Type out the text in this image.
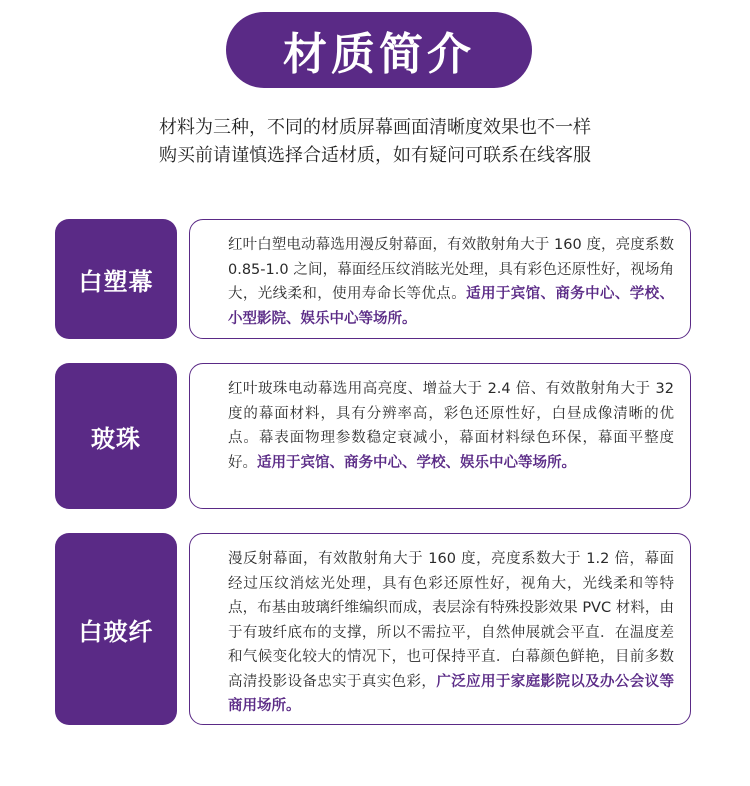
材质简介
材料为三种，不同的材质屏幕画面清晰度效果也不一样
购买前请谨慎选择合适材质，如有疑问可联系在线客服
白塑幕
红叶白塑电动幕选用漫反射幕面，有效散射角大于 160 度，亮度系数 0.85-1.0 之间，幕面经压纹消眩光处理，具有彩色还原性好，视场角大，光线柔和，使用寿命长等优点。适用于宾馆、商务中心、学校、小型影院、娱乐中心等场所。
玻珠
红叶玻珠电动幕选用高亮度、增益大于 2.4 倍、有效散射角大于 32 度的幕面材料，具有分辨率高，彩色还原性好，白昼成像清晰的优点。幕表面物理参数稳定衰减小，幕面材料绿色环保，幕面平整度好。适用于宾馆、商务中心、学校、娱乐中心等场所。
白玻纤
漫反射幕面，有效散射角大于 160 度，亮度系数大于 1.2 倍，幕面经过压纹消炫光处理，具有色彩还原性好，视角大，光线柔和等特点，布基由玻璃纤维编织而成，表层涂有特殊投影效果 PVC 材料，由于有玻纤底布的支撑，所以不需拉平，自然伸展就会平直．在温度差和气候变化较大的情况下，也可保持平直．白幕颜色鲜艳，目前多数高清投影设备忠实于真实色彩，广泛应用于家庭影院以及办公会议等商用场所。
